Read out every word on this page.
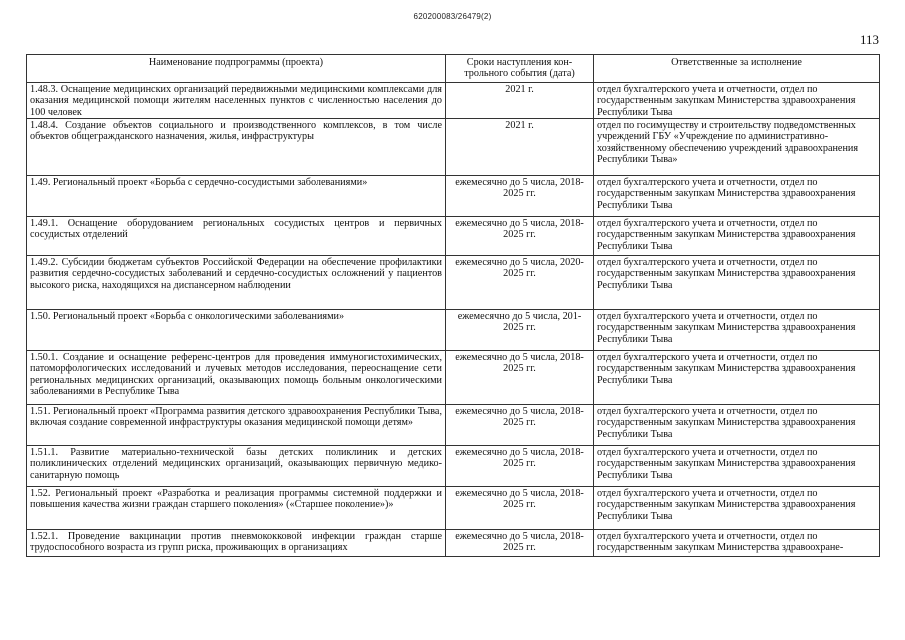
620200083/26479(2)
113
Наименование подпрограммы (проекта)	Сроки наступления кон-трольного события (дата)	Ответственные за исполнение
1.48.3. Оснащение медицинских организаций передвижными медицинскими комплексами для оказания медицинской помощи жителям населенных пунктов с численностью населения до 100 человек	2021 г.	отдел бухгалтерского учета и отчетности, отдел по государственным закупкам Министерства здравоохранения Республики Тыва
1.48.4. Создание объектов социального и производственного комплексов, в том числе объектов общегражданского назначения, жилья, инфраструктуры	2021 г.	отдел по госимуществу и строительству подведомственных учреждений ГБУ «Учреждение по административно-хозяйственному обеспечению учреждений здравоохранения Республики Тыва»
1.49. Региональный проект «Борьба с сердечно-сосудистыми заболеваниями»	ежемесячно до 5 числа, 2018-2025 гг.	отдел бухгалтерского учета и отчетности, отдел по государственным закупкам Министерства здравоохранения Республики Тыва
1.49.1. Оснащение оборудованием региональных сосудистых центров и первичных сосудистых отделений	ежемесячно до 5 числа, 2018-2025 гг.	отдел бухгалтерского учета и отчетности, отдел по государственным закупкам Министерства здравоохранения Республики Тыва
1.49.2. Субсидии бюджетам субъектов Российской Федерации на обеспечение профилактики развития сердечно-сосудистых заболеваний и сердечно-сосудистых осложнений у пациентов высокого риска, находящихся на диспансерном наблюдении	ежемесячно до 5 числа, 2020-2025 гг.	отдел бухгалтерского учета и отчетности, отдел по государственным закупкам Министерства здравоохранения Республики Тыва
1.50. Региональный проект «Борьба с онкологическими заболеваниями»	ежемесячно до 5 числа, 201-2025 гг.	отдел бухгалтерского учета и отчетности, отдел по государственным закупкам Министерства здравоохранения Республики Тыва
1.50.1. Создание и оснащение референс-центров для проведения иммуногистохимических, патоморфологических исследований и лучевых методов исследования, переоснащение сети региональных медицинских организаций, оказывающих помощь больным онкологическими заболеваниями в Республике Тыва	ежемесячно до 5 числа, 2018-2025 гг.	отдел бухгалтерского учета и отчетности, отдел по государственным закупкам Министерства здравоохранения Республики Тыва
1.51. Региональный проект «Программа развития детского здравоохранения Республики Тыва, включая создание современной инфраструктуры оказания медицинской помощи детям»	ежемесячно до 5 числа, 2018-2025 гг.	отдел бухгалтерского учета и отчетности, отдел по государственным закупкам Министерства здравоохранения Республики Тыва
1.51.1. Развитие материально-технической базы детских поликлиник и детских поликлинических отделений медицинских организаций, оказывающих первичную медико-санитарную помощь	ежемесячно до 5 числа, 2018-2025 гг.	отдел бухгалтерского учета и отчетности, отдел по государственным закупкам Министерства здравоохранения Республики Тыва
1.52. Региональный проект «Разработка и реализация программы системной поддержки и повышения качества жизни граждан старшего поколения» («Старшее поколение»)»	ежемесячно до 5 числа, 2018-2025 гг.	отдел бухгалтерского учета и отчетности, отдел по государственным закупкам Министерства здравоохранения Республики Тыва
1.52.1. Проведение вакцинации против пневмококковой инфекции граждан старше трудоспособного возраста из групп риска, проживающих в организациях	ежемесячно до 5 числа, 2018-2025 гг.	отдел бухгалтерского учета и отчетности, отдел по государственным закупкам Министерства здравоохране-
